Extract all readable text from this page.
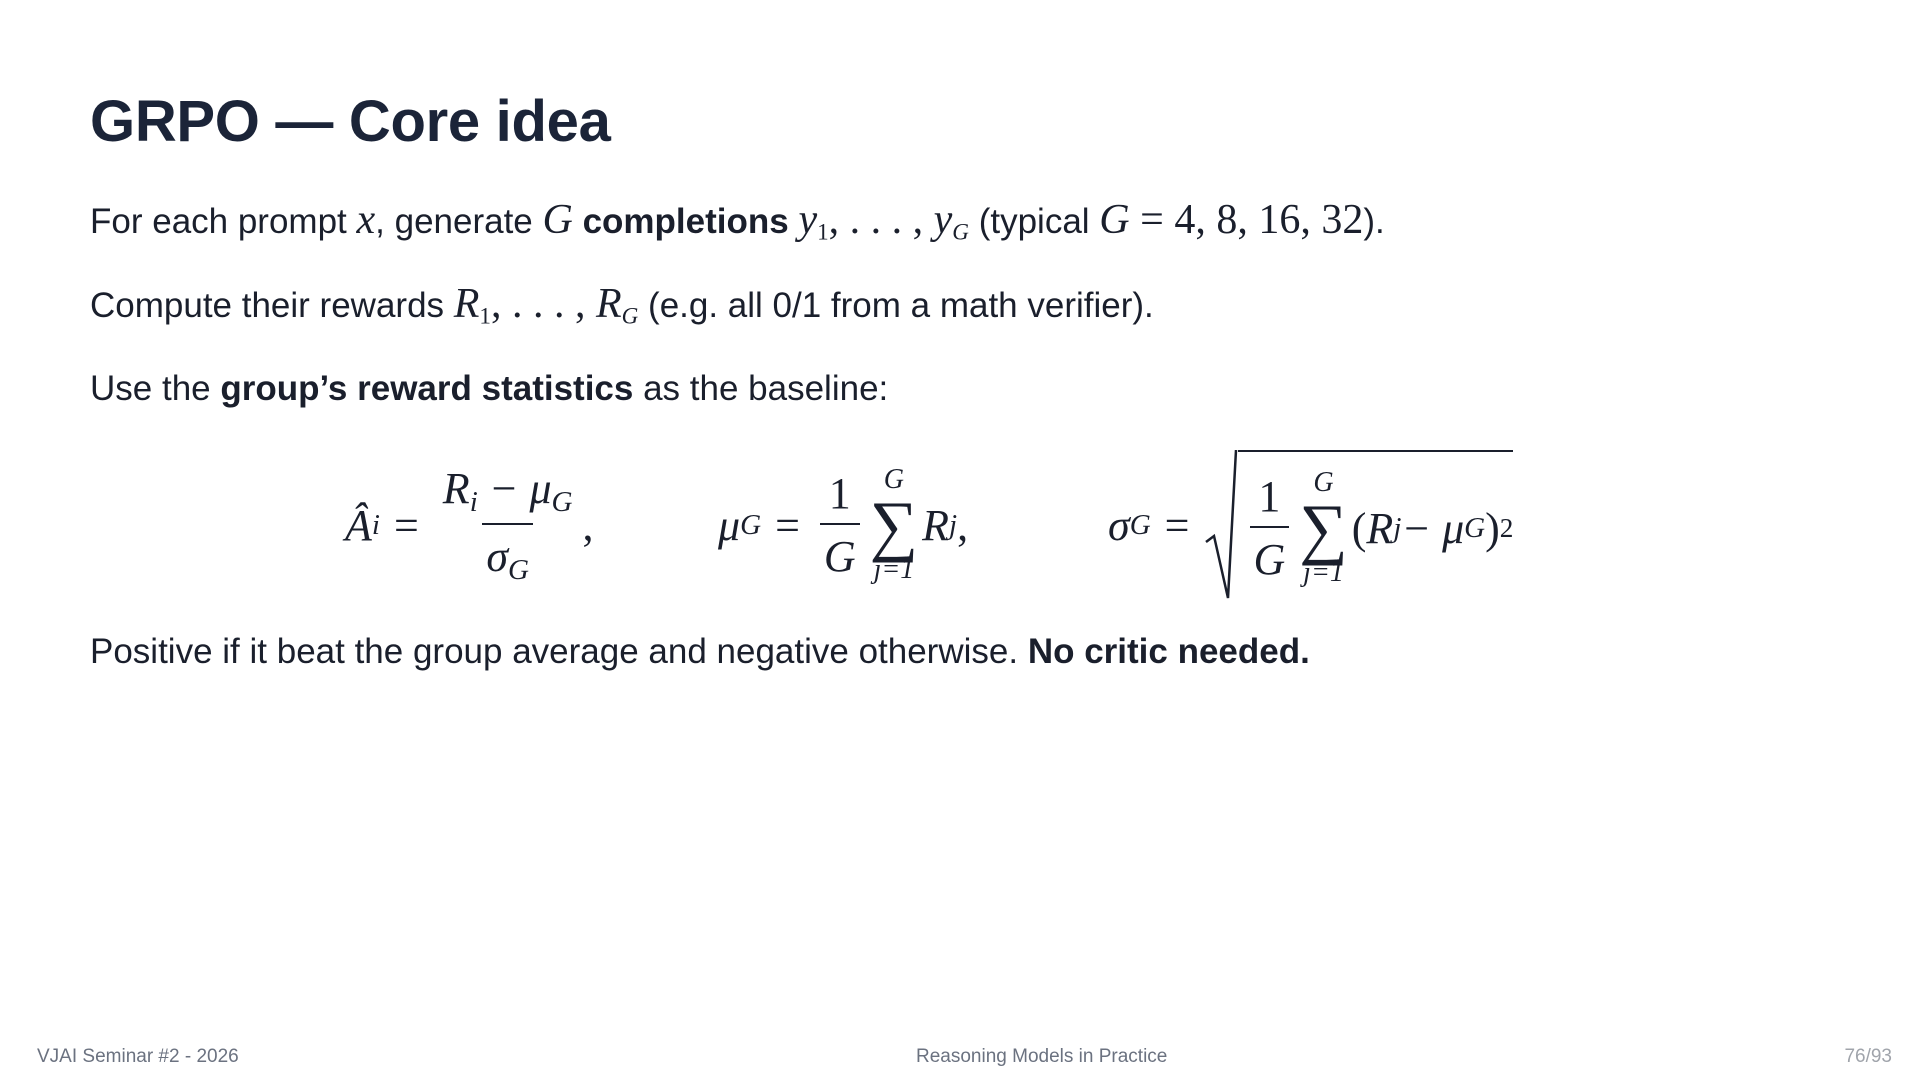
GRPO — Core idea
For each prompt x, generate G completions $y_1$, . . . , $y_G$ (typical G = 4, 8, 16, 32).
Compute their rewards $R_1$, . . . , $R_G$ (e.g. all 0/1 from a math verifier).
Use the group’s reward statistics as the baseline:
Â $i = \frac{R_i - \mu_G}{\sigma_G}$ ,	μ $G = \frac{1}{G}$ G
∑
j=1
R j ,	σ $G = \frac{1}{G}$ G
∑
j=1
( R j − μ G ) 2
Positive if it beat the group average and negative otherwise. No critic needed.
VJAI Seminar #2 - 2026	Reasoning Models in Practice	76/93
